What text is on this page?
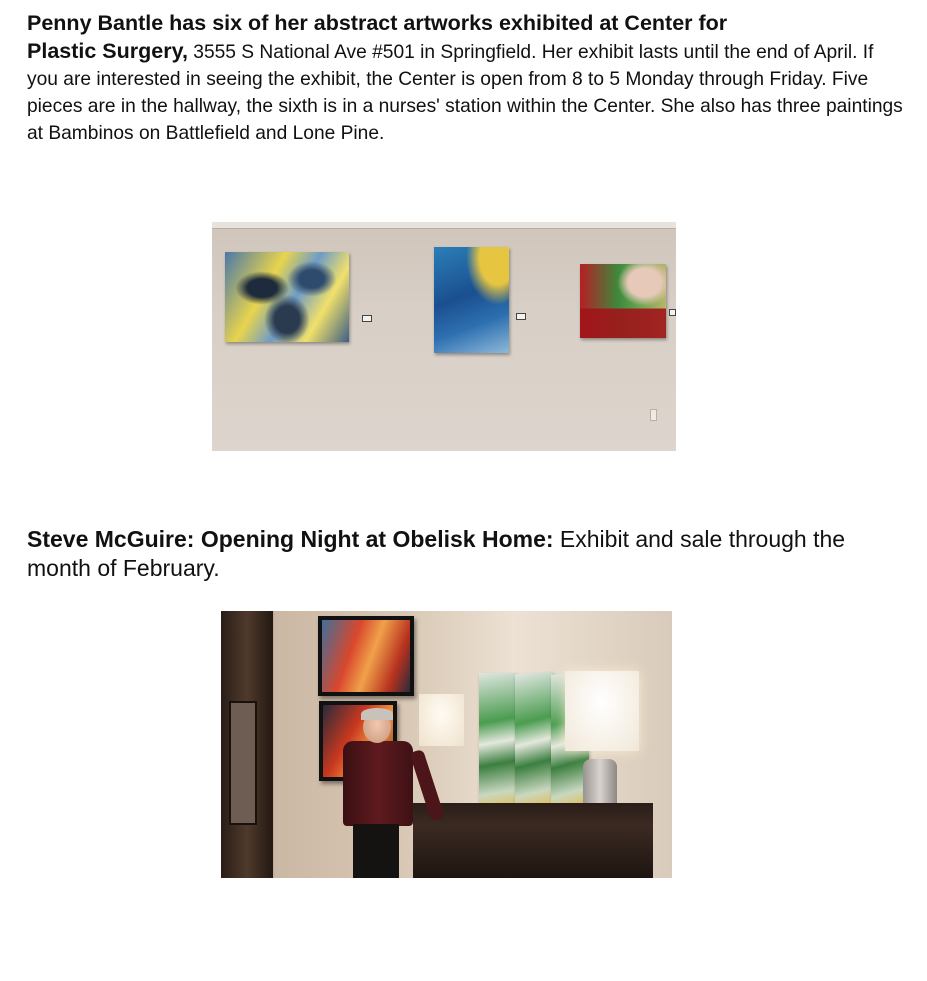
Penny Bantle has six of her abstract artworks exhibited at Center for
Plastic Surgery, 3555 S National Ave #501 in Springfield. Her exhibit lasts until the end of April. If you are interested in seeing the exhibit, the Center is open from 8 to 5 Monday through Friday. Five pieces are in the hallway, the sixth is in a nurses' station within the Center. She also has three paintings at Bambinos on Battlefield and Lone Pine.
Steve McGuire: Opening Night at Obelisk Home: Exhibit and sale through the month of February.
